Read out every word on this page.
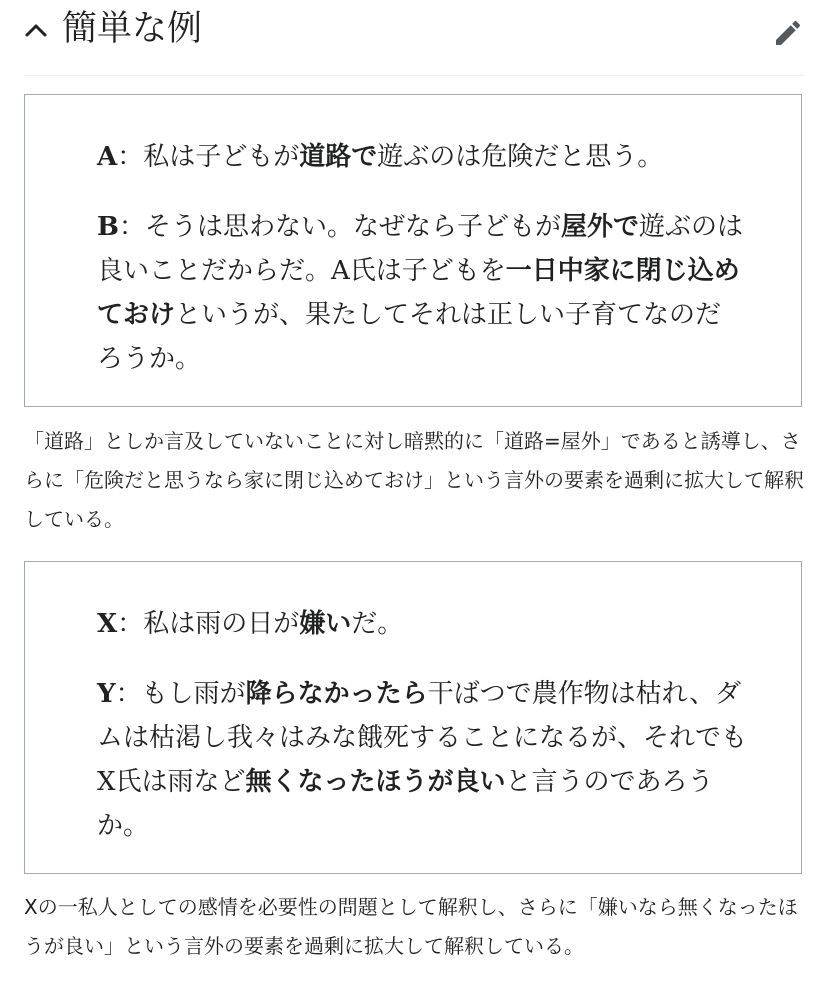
簡単な例

A：私は子どもが道路で遊ぶのは危険だと思う。

B：そうは思わない。なぜなら子どもが屋外で遊ぶのは良いことだからだ。A氏は子どもを一日中家に閉じ込めておけというが、果たしてそれは正しい子育てなのだろうか。

「道路」としか言及していないことに対し暗黙的に「道路=屋外」であると誘導し、さらに「危険だと思うなら家に閉じ込めておけ」という言外の要素を過剰に拡大して解釈している。

X：私は雨の日が嫌いだ。

Y：もし雨が降らなかったら干ばつで農作物は枯れ、ダムは枯渇し我々はみな餓死することになるが、それでもX氏は雨など無くなったほうが良いと言うのであろうか。

Xの一私人としての感情を必要性の問題として解釈し、さらに「嫌いなら無くなったほうが良い」という言外の要素を過剰に拡大して解釈している。
